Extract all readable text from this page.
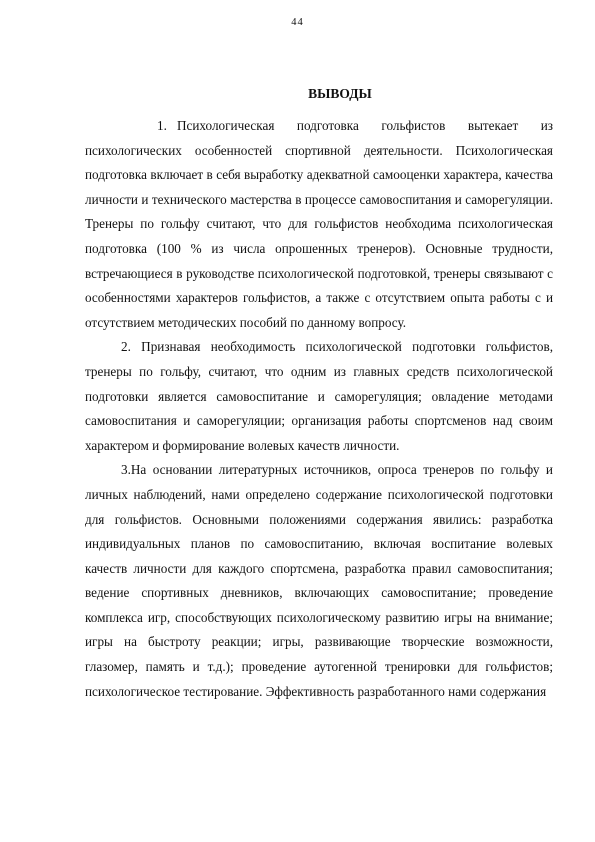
44
ВЫВОДЫ

1. Психологическая подготовка гольфистов вытекает из психологических особенностей спортивной деятельности. Психологическая подготовка включает в себя выработку адекватной самооценки характера, качества личности и технического мастерства в процессе самовоспитания и саморегуляции. Тренеры по гольфу считают, что для гольфистов необходима психологическая подготовка (100 % из числа опрошенных тренеров). Основные трудности, встречающиеся в руководстве психологической подготовкой, тренеры связывают с особенностями характеров гольфистов, а также с отсутствием опыта работы с и отсутствием методических пособий по данному вопросу.

2. Признавая необходимость психологической подготовки гольфистов, тренеры по гольфу, считают, что одним из главных средств психологической подготовки является самовоспитание и саморегуляция; овладение методами самовоспитания и саморегуляции; организация работы спортсменов над своим характером и формирование волевых качеств личности.

3.На основании литературных источников, опроса тренеров по гольфу и личных наблюдений, нами определено содержание психологической подготовки для гольфистов. Основными положениями содержания явились: разработка индивидуальных планов по самовоспитанию, включая воспитание волевых качеств личности для каждого спортсмена, разработка правил самовоспитания; ведение спортивных дневников, включающих самовоспитание; проведение комплекса игр, способствующих психологическому развитию игры на внимание; игры на быстроту реакции; игры, развивающие творческие возможности, глазомер, память и т.д.); проведение аутогенной тренировки для гольфистов; психологическое тестирование. Эффективность разработанного нами содержания
